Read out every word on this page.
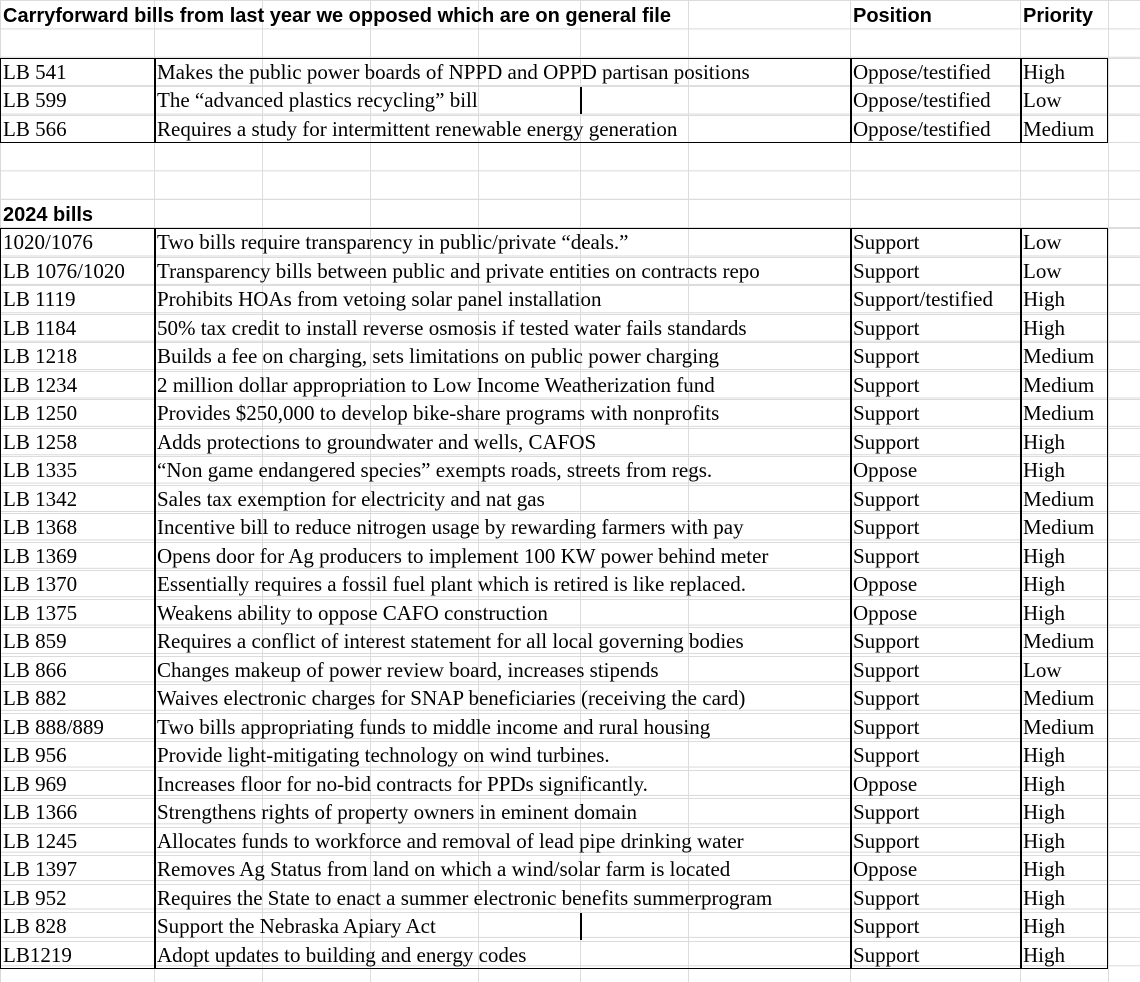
Carryforward bills from last year we opposed which are on general file	Position	Priority
LB 541	Makes the public power boards of NPPD and OPPD partisan positions	Oppose/testified	High
LB 599	The “advanced plastics recycling” bill	Oppose/testified	Low
LB 566	Requires a study for intermittent renewable energy generation	Oppose/testified	Medium
2024 bills
1020/1076	Two bills require transparency in public/private “deals.”	Support	Low
LB 1076/1020	Transparency bills between public and private entities on contracts repo	Support	Low
LB 1119	Prohibits HOAs from vetoing solar panel installation	Support/testified	High
LB 1184	50% tax credit to install reverse osmosis if tested water fails standards	Support	High
LB 1218	Builds a fee on charging, sets limitations on public power charging	Support	Medium
LB 1234	2 million dollar appropriation to Low Income Weatherization fund	Support	Medium
LB 1250	Provides $250,000 to develop bike-share programs with nonprofits	Support	Medium
LB 1258	Adds protections to groundwater and wells, CAFOS	Support	High
LB 1335	“Non game endangered species” exempts roads, streets from regs.	Oppose	High
LB 1342	Sales tax exemption for electricity and nat gas	Support	Medium
LB 1368	Incentive bill to reduce nitrogen usage by rewarding farmers with pay	Support	Medium
LB 1369	Opens door for Ag producers to implement 100 KW power behind meter	Support	High
LB 1370	Essentially requires a fossil fuel plant which is retired is like replaced.	Oppose	High
LB 1375	Weakens ability to oppose CAFO construction	Oppose	High
LB 859	Requires a conflict of interest statement for all local governing bodies	Support	Medium
LB 866	Changes makeup of power review board, increases stipends	Support	Low
LB 882	Waives electronic charges for SNAP beneficiaries (receiving the card)	Support	Medium
LB 888/889	Two bills appropriating funds to middle income and rural housing	Support	Medium
LB 956	Provide light-mitigating technology on wind turbines.	Support	High
LB 969	Increases floor for no-bid contracts for PPDs significantly.	Oppose	High
LB 1366	Strengthens rights of property owners in eminent domain	Support	High
LB 1245	Allocates funds to workforce and removal of lead pipe drinking water	Support	High
LB 1397	Removes Ag Status from land on which a wind/solar farm is located	Oppose	High
LB 952	Requires the State to enact a summer electronic benefits summerprogram	Support	High
LB 828	Support the Nebraska Apiary Act	Support	High
LB1219	Adopt updates to building and energy codes	Support	High
